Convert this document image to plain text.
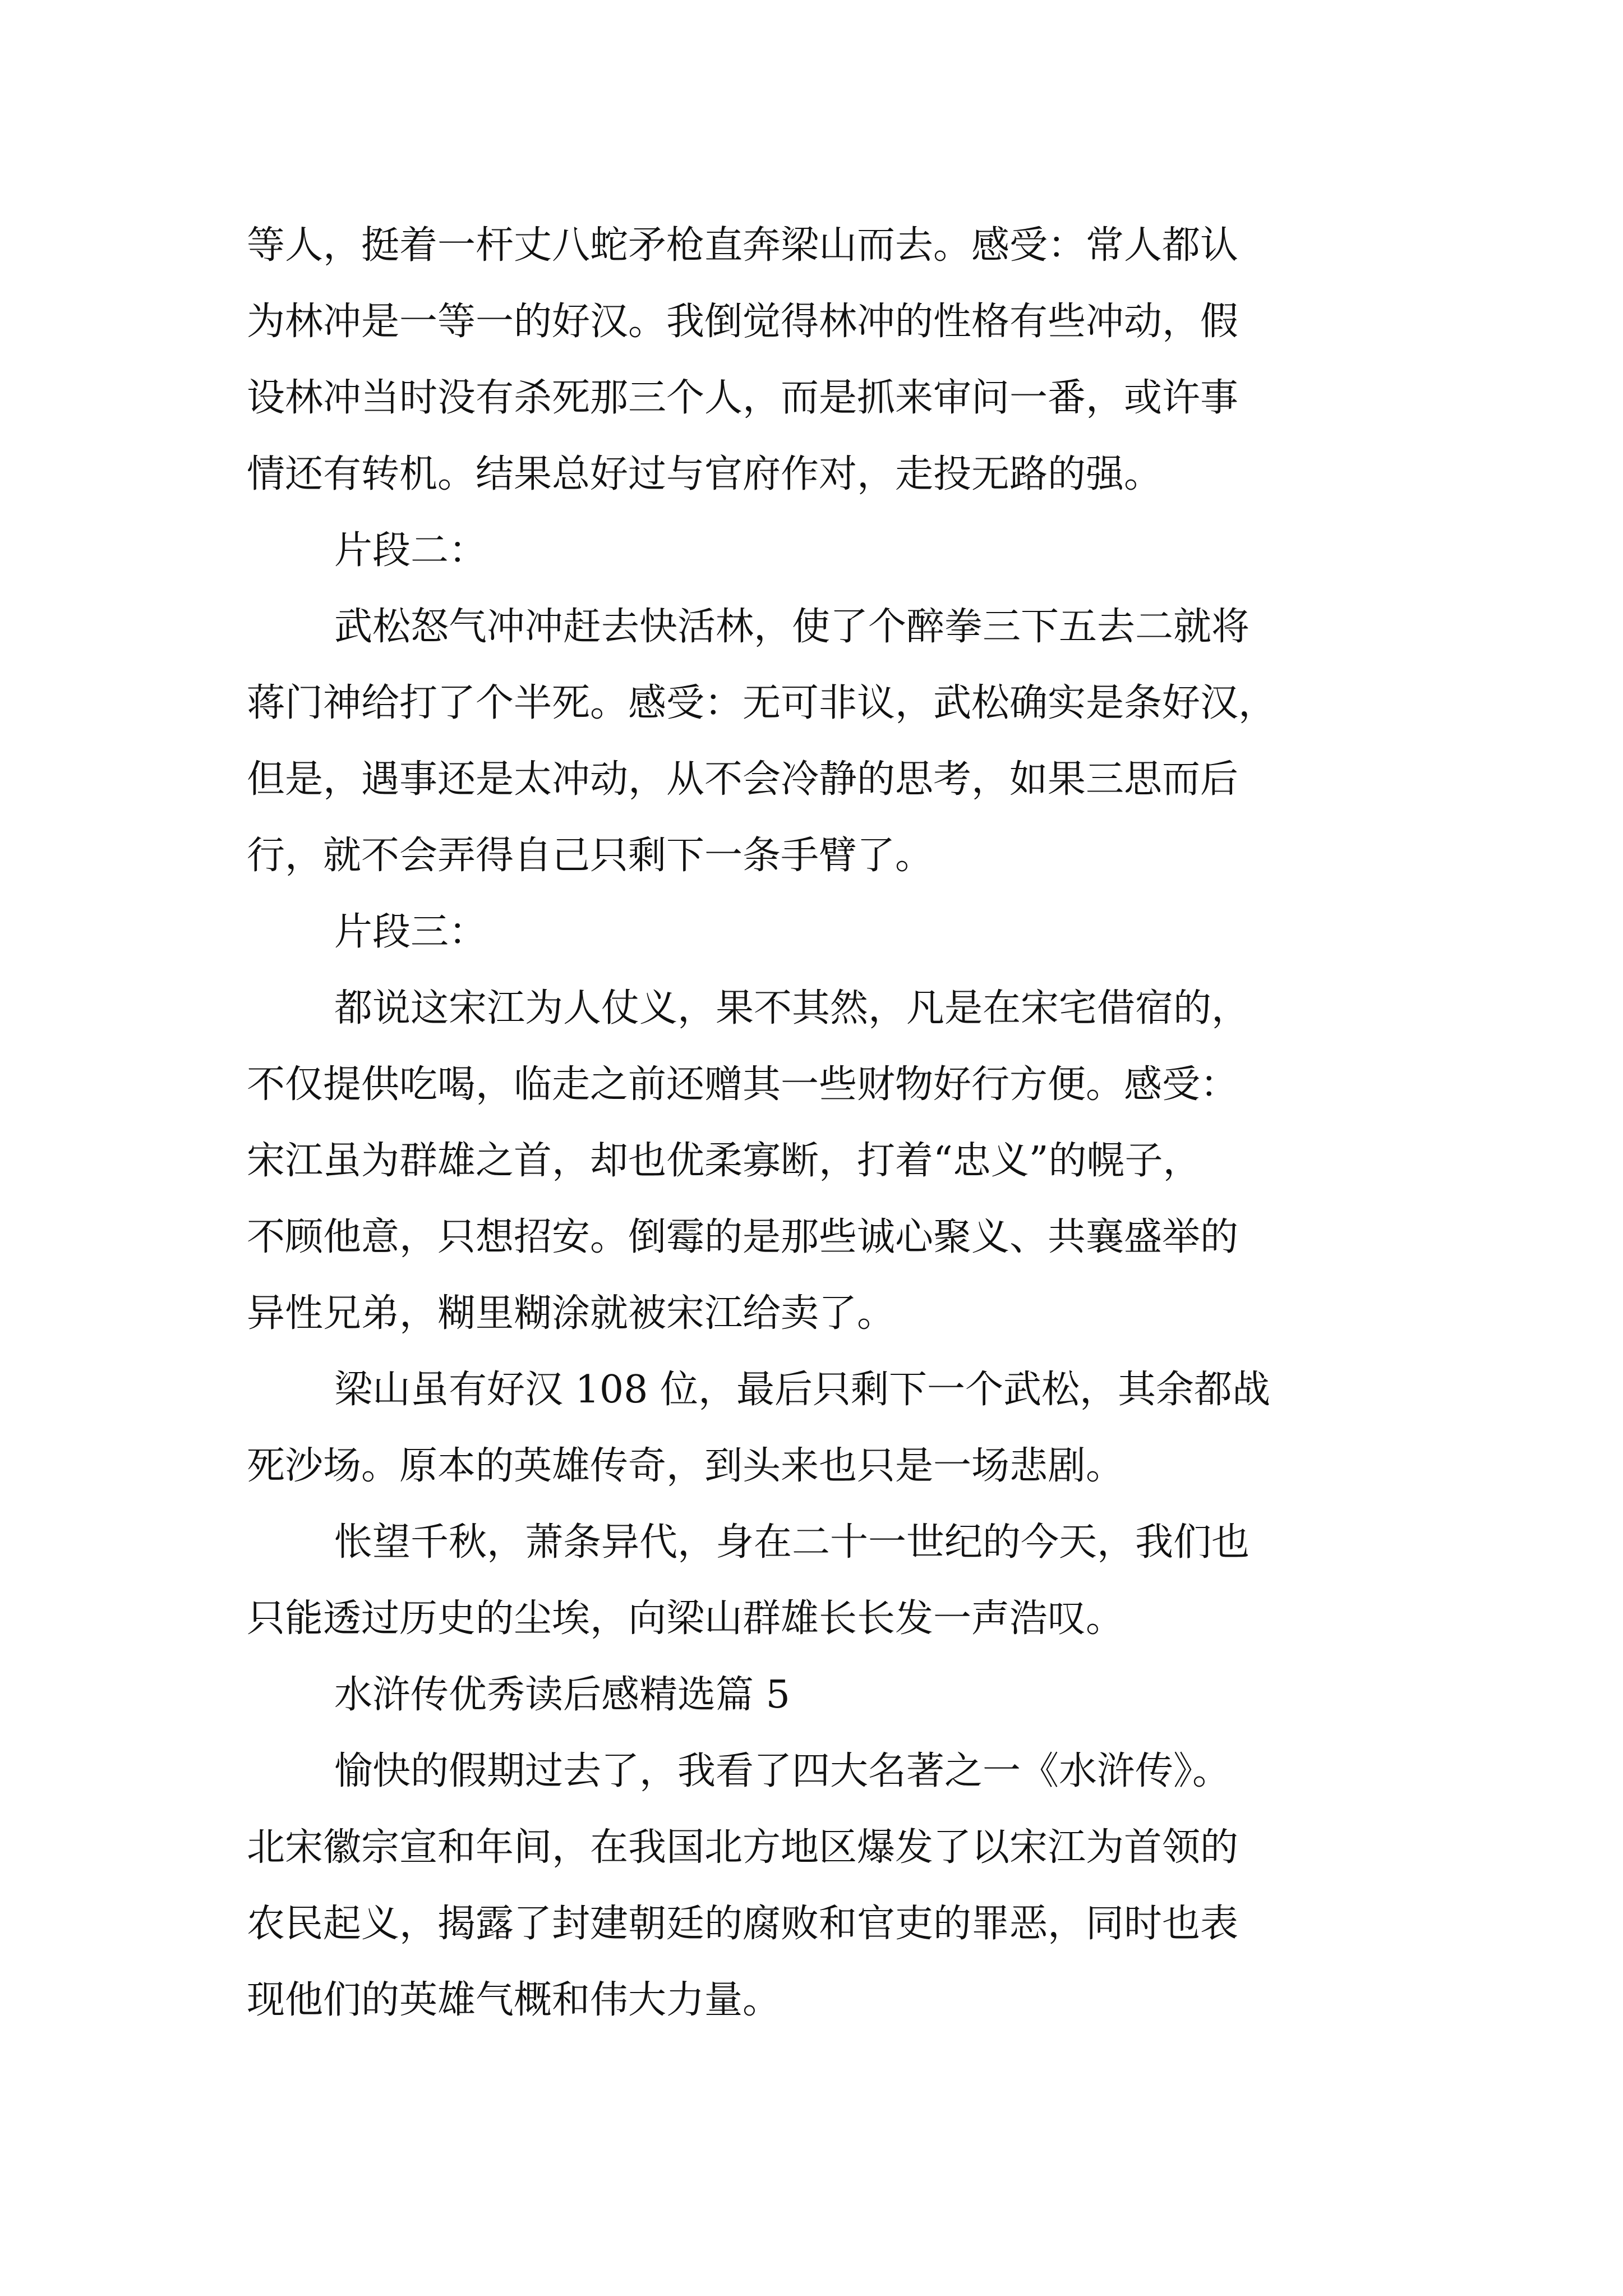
等人，挺着一杆丈八蛇矛枪直奔梁山而去。感受：常人都认

为林冲是一等一的好汉。我倒觉得林冲的性格有些冲动，假

设林冲当时没有杀死那三个人，而是抓来审问一番，或许事

情还有转机。结果总好过与官府作对，走投无路的强。

片段二：

武松怒气冲冲赶去快活林，使了个醉拳三下五去二就将

蒋门神给打了个半死。感受：无可非议，武松确实是条好汉，

但是，遇事还是太冲动，从不会冷静的思考，如果三思而后

行，就不会弄得自己只剩下一条手臂了。

片段三：

都说这宋江为人仗义，果不其然，凡是在宋宅借宿的，

不仅提供吃喝，临走之前还赠其一些财物好行方便。感受：

宋江虽为群雄之首，却也优柔寡断，打着“忠义”的幌子，

不顾他意，只想招安。倒霉的是那些诚心聚义、共襄盛举的

异性兄弟，糊里糊涂就被宋江给卖了。

梁山虽有好汉 108 位，最后只剩下一个武松，其余都战

死沙场。原本的英雄传奇，到头来也只是一场悲剧。

怅望千秋，萧条异代，身在二十一世纪的今天，我们也

只能透过历史的尘埃，向梁山群雄长长发一声浩叹。

水浒传优秀读后感精选篇 5

愉快的假期过去了，我看了四大名著之一《水浒传》。

北宋徽宗宣和年间，在我国北方地区爆发了以宋江为首领的

农民起义，揭露了封建朝廷的腐败和官吏的罪恶，同时也表

现他们的英雄气概和伟大力量。
